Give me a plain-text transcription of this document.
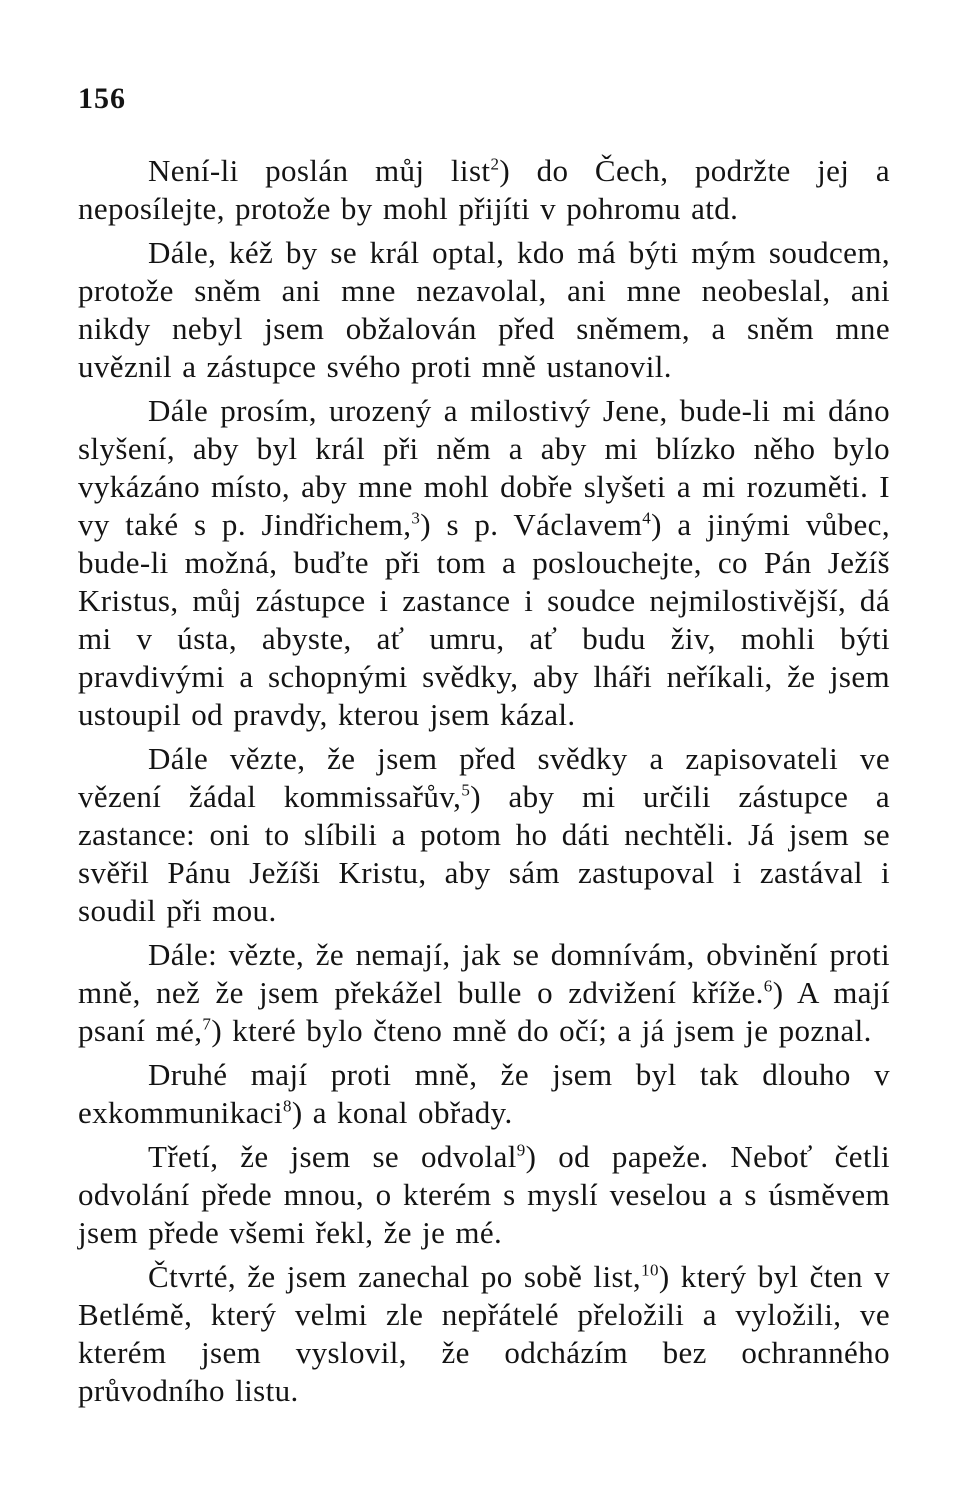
156

Není-li poslán můj list$^2$) do Čech, podržte jej a neposílejte, protože by mohl přijíti v pohromu atd.

Dále, kéž by se král optal, kdo má býti mým soudcem, protože sněm ani mne nezavolal, ani mne neobeslal, ani nikdy nebyl jsem obžalován před sněmem, a sněm mne uvěznil a zástupce svého proti mně ustanovil.

Dále prosím, urozený a milostivý Jene, bude-li mi dáno slyšení, aby byl král při něm a aby mi blízko něho bylo vykázáno místo, aby mne mohl dobře slyšeti a mi rozuměti. I vy také s p. Jindřichem,$^3$) s p. Václavem$^4$) a jinými vůbec, bude-li možná, buďte při tom a poslouchejte, co Pán Ježíš Kristus, můj zástupce i zastance i soudce nejmilostivější, dá mi v ústa, abyste, ať umru, ať budu živ, mohli býti pravdivými a schopnými svědky, aby lháři neříkali, že jsem ustoupil od pravdy, kterou jsem kázal.

Dále vězte, že jsem před svědky a zapisovateli ve vězení žádal kommissařův,$^5$) aby mi určili zástupce a zastance: oni to slíbili a potom ho dáti nechtěli. Já jsem se svěřil Pánu Ježíši Kristu, aby sám zastupoval i zastával i soudil při mou.

Dále: vězte, že nemají, jak se domnívám, obvinění proti mně, než že jsem překážel bulle o zdvižení kříže.$^6$) A mají psaní mé,$^7$) které bylo čteno mně do očí; a já jsem je poznal.

Druhé mají proti mně, že jsem byl tak dlouho v exkommunikaci$^8$) a konal obřady.

Třetí, že jsem se odvolal$^9$) od papeže. Neboť četli odvolání přede mnou, o kterém s myslí veselou a s úsměvem jsem přede všemi řekl, že je mé.

Čtvrté, že jsem zanechal po sobě list,$^{10}$) který byl čten v Betlémě, který velmi zle nepřátelé přeložili a vyložili, ve kterém jsem vyslovil, že odcházím bez ochranného průvodního listu.
